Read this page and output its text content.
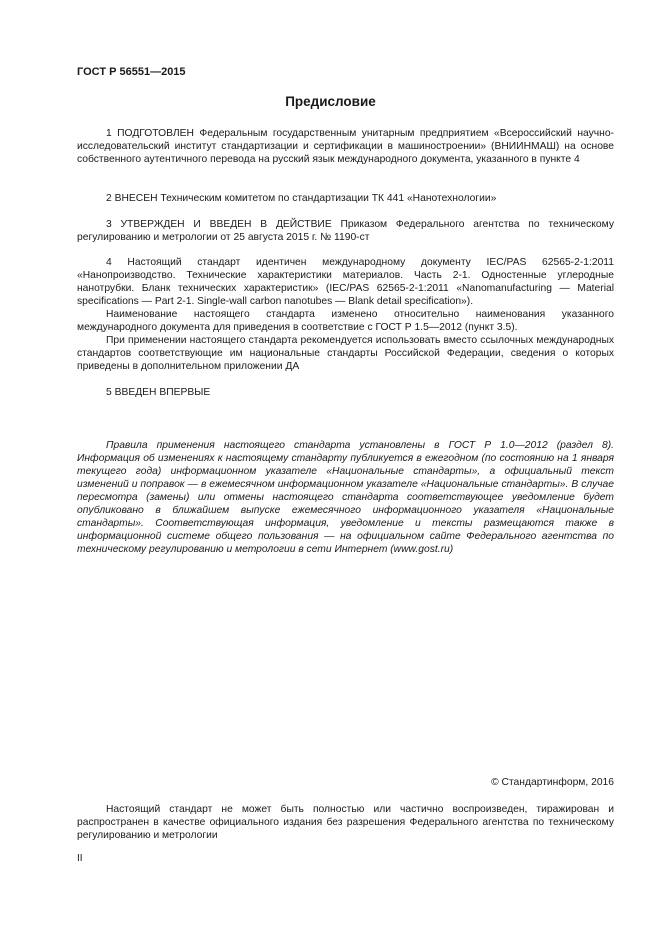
ГОСТ Р 56551—2015
Предисловие

1 ПОДГОТОВЛЕН Федеральным государственным унитарным предприятием «Всероссийский научно-исследовательский институт стандартизации и сертификации в машиностроении» (ВНИИНМАШ) на основе собственного аутентичного перевода на русский язык международного документа, указанного в пункте 4

2 ВНЕСЕН Техническим комитетом по стандартизации ТК 441 «Нанотехнологии»

3 УТВЕРЖДЕН И ВВЕДЕН В ДЕЙСТВИЕ Приказом Федерального агентства по техническому регулированию и метрологии от 25 августа 2015 г. № 1190-ст

4 Настоящий стандарт идентичен международному документу IEC/PAS 62565-2-1:2011 «Нанопроизводство. Технические характеристики материалов. Часть 2-1. Одностенные углеродные нанотрубки. Бланк технических характеристик» (IEC/PAS 62565-2-1:2011 «Nanomanufacturing — Material specifications — Part 2-1. Single-wall carbon nanotubes — Blank detail specification»).

Наименование настоящего стандарта изменено относительно наименования указанного международного документа для приведения в соответствие с ГОСТ Р 1.5—2012 (пункт 3.5).

При применении настоящего стандарта рекомендуется использовать вместо ссылочных международных стандартов соответствующие им национальные стандарты Российской Федерации, сведения о которых приведены в дополнительном приложении ДА

5 ВВЕДЕН ВПЕРВЫЕ

Правила применения настоящего стандарта установлены в ГОСТ Р 1.0—2012 (раздел 8). Информация об изменениях к настоящему стандарту публикуется в ежегодном (по состоянию на 1 января текущего года) информационном указателе «Национальные стандарты», а официальный текст изменений и поправок — в ежемесячном информационном указателе «Национальные стандарты». В случае пересмотра (замены) или отмены настоящего стандарта соответствующее уведомление будет опубликовано в ближайшем выпуске ежемесячного информационного указателя «Национальные стандарты». Соответствующая информация, уведомление и тексты размещаются также в информационной системе общего пользования — на официальном сайте Федерального агентства по техническому регулированию и метрологии в сети Интернет (www.gost.ru)

© Стандартинформ, 2016

Настоящий стандарт не может быть полностью или частично воспроизведен, тиражирован и распространен в качестве официального издания без разрешения Федерального агентства по техническому регулированию и метрологии

II
